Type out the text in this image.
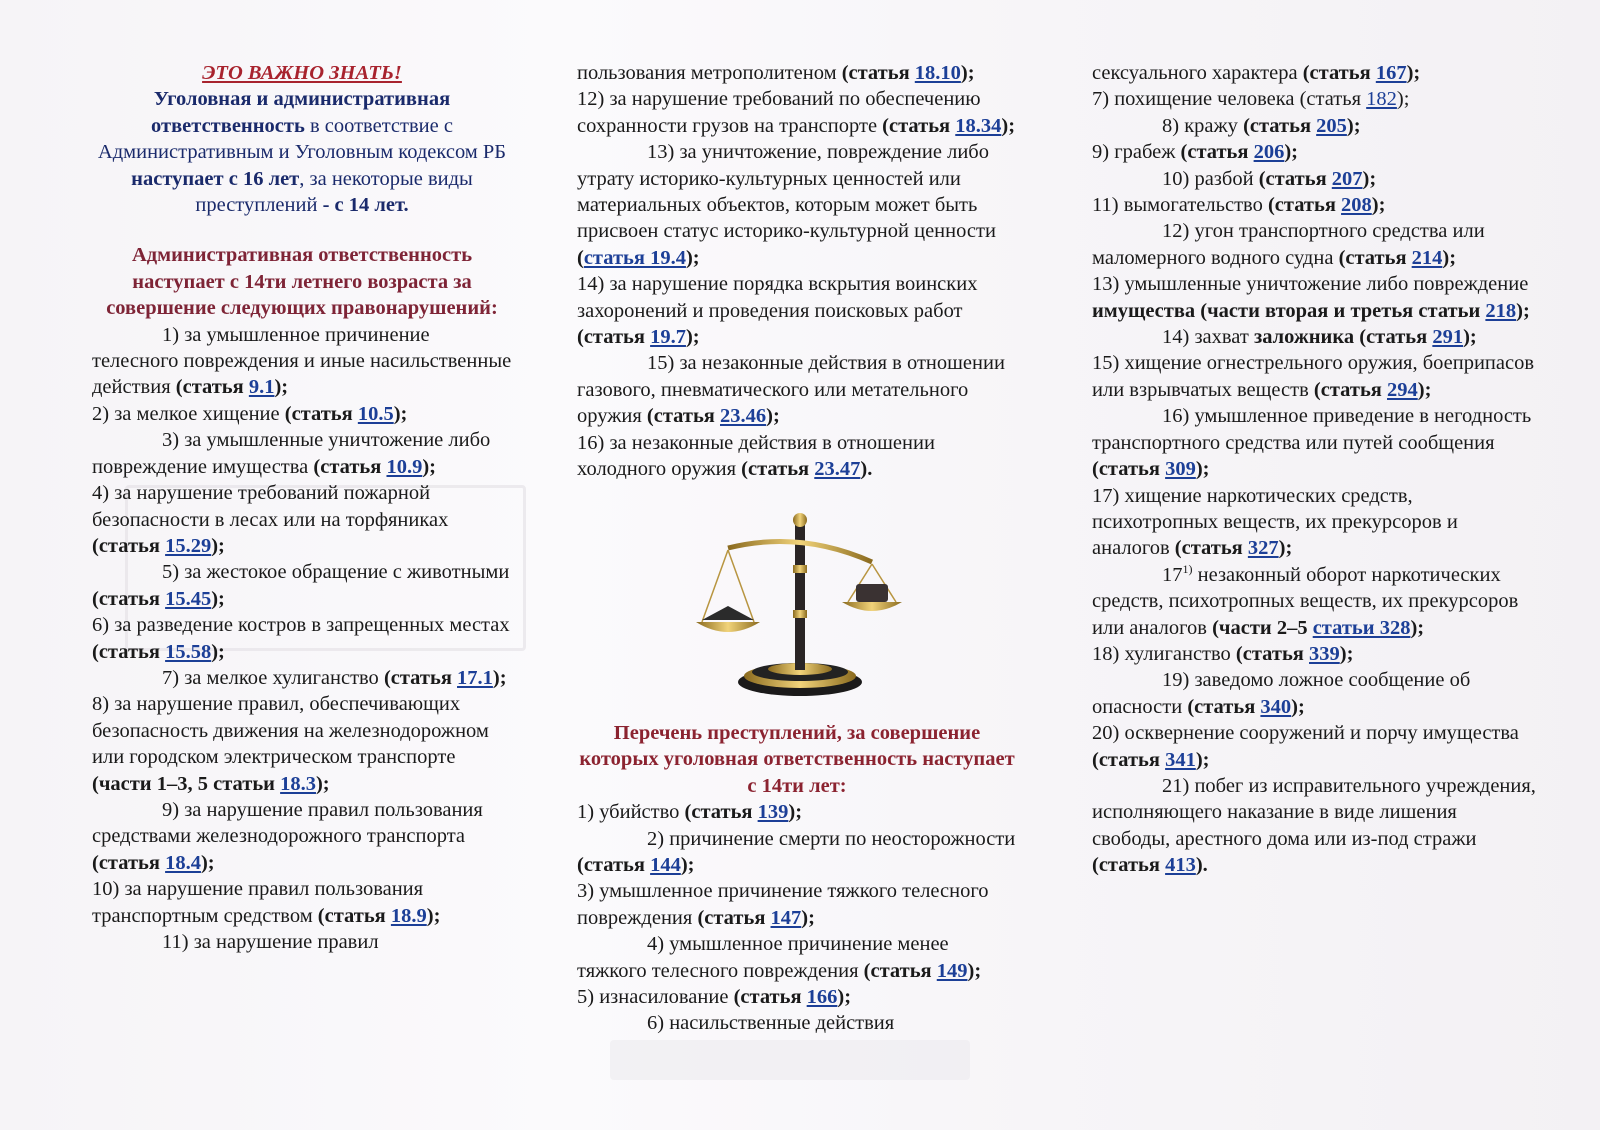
ЭТО ВАЖНО ЗНАТЬ!

Уголовная и административная ответственность в соответствие с Административным и Уголовным кодексом РБ наступает с 16 лет, за некоторые виды преступлений - с 14 лет.

Административная ответственность наступает с 14ти летнего возраста за совершение следующих правонарушений:

1) за умышленное причинение телесного повреждения и иные насильственные действия (статья 9.1);

2) за мелкое хищение (статья 10.5);

3) за умышленные уничтожение либо повреждение имущества (статья 10.9);

4) за нарушение требований пожарной безопасности в лесах или на торфяниках (статья 15.29);

5) за жестокое обращение с животными (статья 15.45);

6) за разведение костров в запрещенных местах (статья 15.58);

7) за мелкое хулиганство (статья 17.1);

8) за нарушение правил, обеспечивающих безопасность движения на железнодорожном или городском электрическом транспорте (части 1–3, 5 статьи 18.3);

9) за нарушение правил пользования средствами железнодорожного транспорта (статья 18.4);

10) за нарушение правил пользования транспортным средством (статья 18.9);

11) за нарушение правил

пользования метрополитеном (статья 18.10);

12) за нарушение требований по обеспечению сохранности грузов на транспорте (статья 18.34);

13) за уничтожение, повреждение либо утрату историко-культурных ценностей или материальных объектов, которым может быть присвоен статус историко-культурной ценности (статья 19.4);

14) за нарушение порядка вскрытия воинских захоронений и проведения поисковых работ (статья 19.7);

15) за незаконные действия в отношении газового, пневматического или метательного оружия (статья 23.46);

16) за незаконные действия в отношении холодного оружия (статья 23.47).

Перечень преступлений, за совершение которых уголовная ответственность наступает с 14ти лет:

1) убийство (статья 139);

2) причинение смерти по неосторожности (статья 144);

3) умышленное причинение тяжкого телесного повреждения (статья 147);

4) умышленное причинение менее тяжкого телесного повреждения (статья 149);

5) изнасилование (статья 166);

6) насильственные действия

сексуального характера (статья 167);

7) похищение человека (статья 182);

8) кражу (статья 205);

9) грабеж (статья 206);

10) разбой (статья 207);

11) вымогательство (статья 208);

12) угон транспортного средства или маломерного водного судна (статья 214);

13) умышленные уничтожение либо повреждение имущества (части вторая и третья статьи 218);

14) захват заложника (статья 291);

15) хищение огнестрельного оружия, боеприпасов или взрывчатых веществ (статья 294);

16) умышленное приведение в негодность транспортного средства или путей сообщения (статья 309);

17) хищение наркотических средств, психотропных веществ, их прекурсоров и аналогов (статья 327);

17$^{1)}$ незаконный оборот наркотических средств, психотропных веществ, их прекурсоров или аналогов (части 2–5 статьи 328);

18) хулиганство (статья 339);

19) заведомо ложное сообщение об опасности (статья 340);

20) осквернение сооружений и порчу имущества (статья 341);

21) побег из исправительного учреждения, исполняющего наказание в виде лишения свободы, арестного дома или из-под стражи (статья 413).
